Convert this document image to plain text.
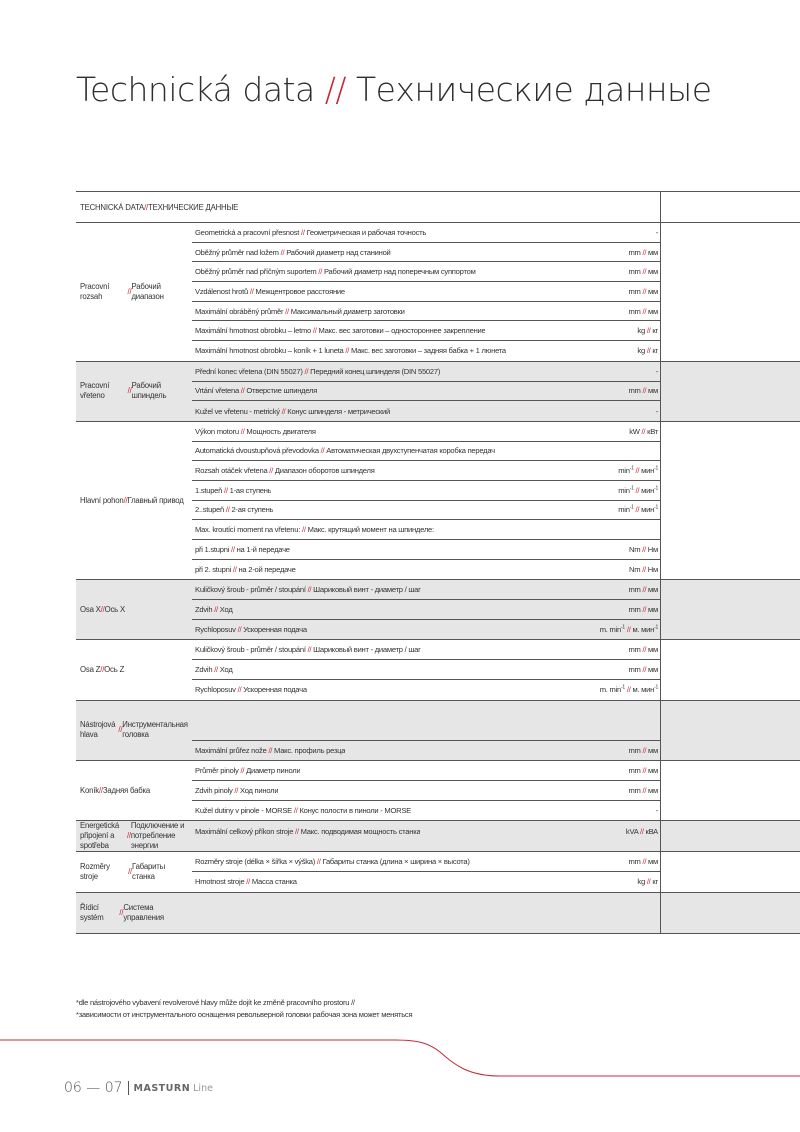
Technická data // Технические данные
TECHNICKÁ DATA // ТЕХНИЧЕСКИЕ ДАННЫЕ
Pracovní rozsah
//
Рабочий диапазон
Geometrická a pracovní přesnost // Геометрическая и рабочая точность	-
Oběžný průměr nad ložem // Рабочий диаметр над станиной	mm // мм
Oběžný průměr nad příčným suportem // Рабочий диаметр над поперечным суппортом	mm // мм
Vzdálenost hrotů // Межцентровое расстояние	mm // мм
Maximální obráběný průměr // Максимальный диаметр заготовки	mm // мм
Maximální hmotnost obrobku – letmo // Макс. вес заготовки – одностороннее закрепление	kg // кг
Maximální hmotnost obrobku – koník + 1 luneta // Макс. вес заготовки – задняя бабка + 1 люнета	kg // кг
Pracovní vřeteno
//
Рабочий шпиндель
Přední konec vřetena (DIN 55027) // Передний конец шпинделя (DIN 55027)	-
Vrtání vřetena // Отверстие шпинделя	mm // мм
Kužel ve vřetenu - metrický // Конус шпинделя - метрический	-
Hlavní pohon // Главный привод
Výkon motoru // Мощность двигателя	kW // кВт
Automatická dvoustupňová převodovka // Автоматическая двухступенчатая коробка передач
Rozsah otáček vřetena // Диапазон оборотов шпинделя	$\min^{-1} // мин^{-1}$
1.stupeň // 1-ая ступень	$\min^{-1} // мин^{-1}$
2..stupeň // 2-ая ступень	$\min^{-1} // мин^{-1}$
Max. kroutící moment na vřetenu: // Макс. крутящий момент на шпинделе:
při 1.stupni // на 1-й передаче	Nm // Нм
při 2. stupni // на 2-ой передаче	Nm // Нм
Osa X // Ось X
Kuličkový šroub - průměr / stoupání // Шариковый винт - диаметр / шаг	mm // мм
Zdvih // Ход	mm // мм
Rychloposuv // Ускоренная подача	m. $\min^{-1}$ // м. мин$^{-1}$
Osa Z // Ось Z
Kuličkový šroub - průměr / stoupání // Шариковый винт - диаметр / шаг	mm // мм
Zdvih // Ход	mm // мм
Rychloposuv // Ускоренная подача	m. $\min^{-1}$ // м. мин$^{-1}$
Nástrojová hlava
//
Инструментальная головка
Maximální průřez nože // Макс. профиль резца	mm // мм
Koník // Задняя бабка
Průměr pinoly // Диаметр пиноли	mm // мм
Zdvih pinoly // Ход пиноли	mm // мм
Kužel dutiny v pinole - MORSE // Конус полости в пиноли - MORSE	-
Energetická připojení a spotřeba
//
Подключение и потребление энергии
Maximální celkový příkon stroje // Макс. подводимая мощность станка	kVA // кВА
Rozměry stroje
//
Габариты станка
Rozměry stroje (délka × šířka × výška) // Габариты станка (длина × ширина × высота)	mm // мм
Hmotnost stroje // Масса станка	kg // кг
Řídicí systém
//
Система управления
*dle nástrojového vybavení revolverové hlavy může dojít ke změně pracovního prostoru //
*зависимости от инструментального оснащения револьверной головки рабочая зона может меняться
06 — 07 MASTURN Line
